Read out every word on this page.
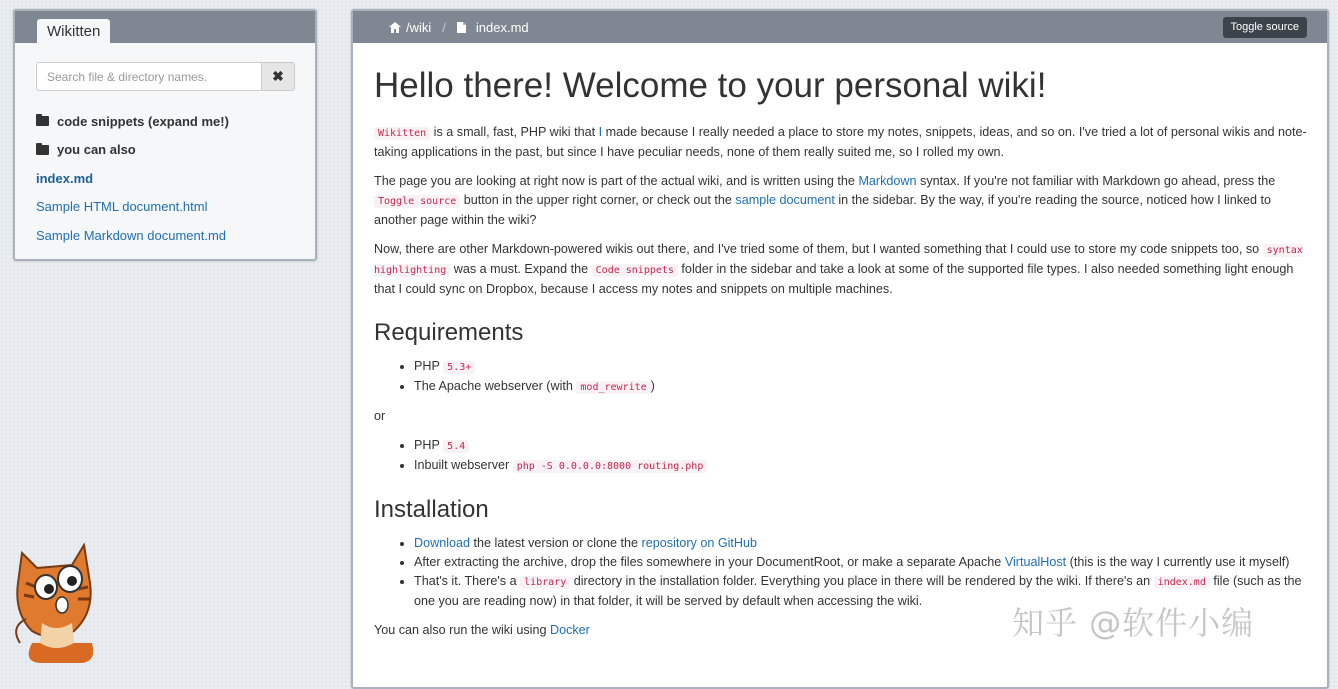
Wikitten
Search file & directory names.
✖
code snippets (expand me!)
you can also
index.md
Sample HTML document.html
Sample Markdown document.md
/wiki / index.md	Toggle source
Hello there! Welcome to your personal wiki!

Wikitten is a small, fast, PHP wiki that I made because I really needed a place to store my notes, snippets, ideas, and so on. I've tried a lot of personal wikis and note-taking applications in the past, but since I have peculiar needs, none of them really suited me, so I rolled my own.

The page you are looking at right now is part of the actual wiki, and is written using the Markdown syntax. If you're not familiar with Markdown go ahead, press the Toggle source button in the upper right corner, or check out the sample document in the sidebar. By the way, if you're reading the source, noticed how I linked to another page within the wiki?

Now, there are other Markdown-powered wikis out there, and I've tried some of them, but I wanted something that I could use to store my code snippets too, so syntax highlighting was a must. Expand the Code snippets folder in the sidebar and take a look at some of the supported file types. I also needed something light enough that I could sync on Dropbox, because I access my notes and snippets on multiple machines.

Requirements
• PHP 5.3+
• The Apache webserver (with mod_rewrite )

or

• PHP 5.4
• Inbuilt webserver php -S 0.0.0.0:8000 routing.php
Installation
• Download the latest version or clone the repository on GitHub
• After extracting the archive, drop the files somewhere in your DocumentRoot, or make a separate Apache VirtualHost (this is the way I currently use it myself)
• That's it. There's a library directory in the installation folder. Everything you place in there will be rendered by the wiki. If there's an index.md file (such as the one you are reading now) in that folder, it will be served by default when accessing the wiki.

You can also run the wiki using Docker	知乎 @软件小编
